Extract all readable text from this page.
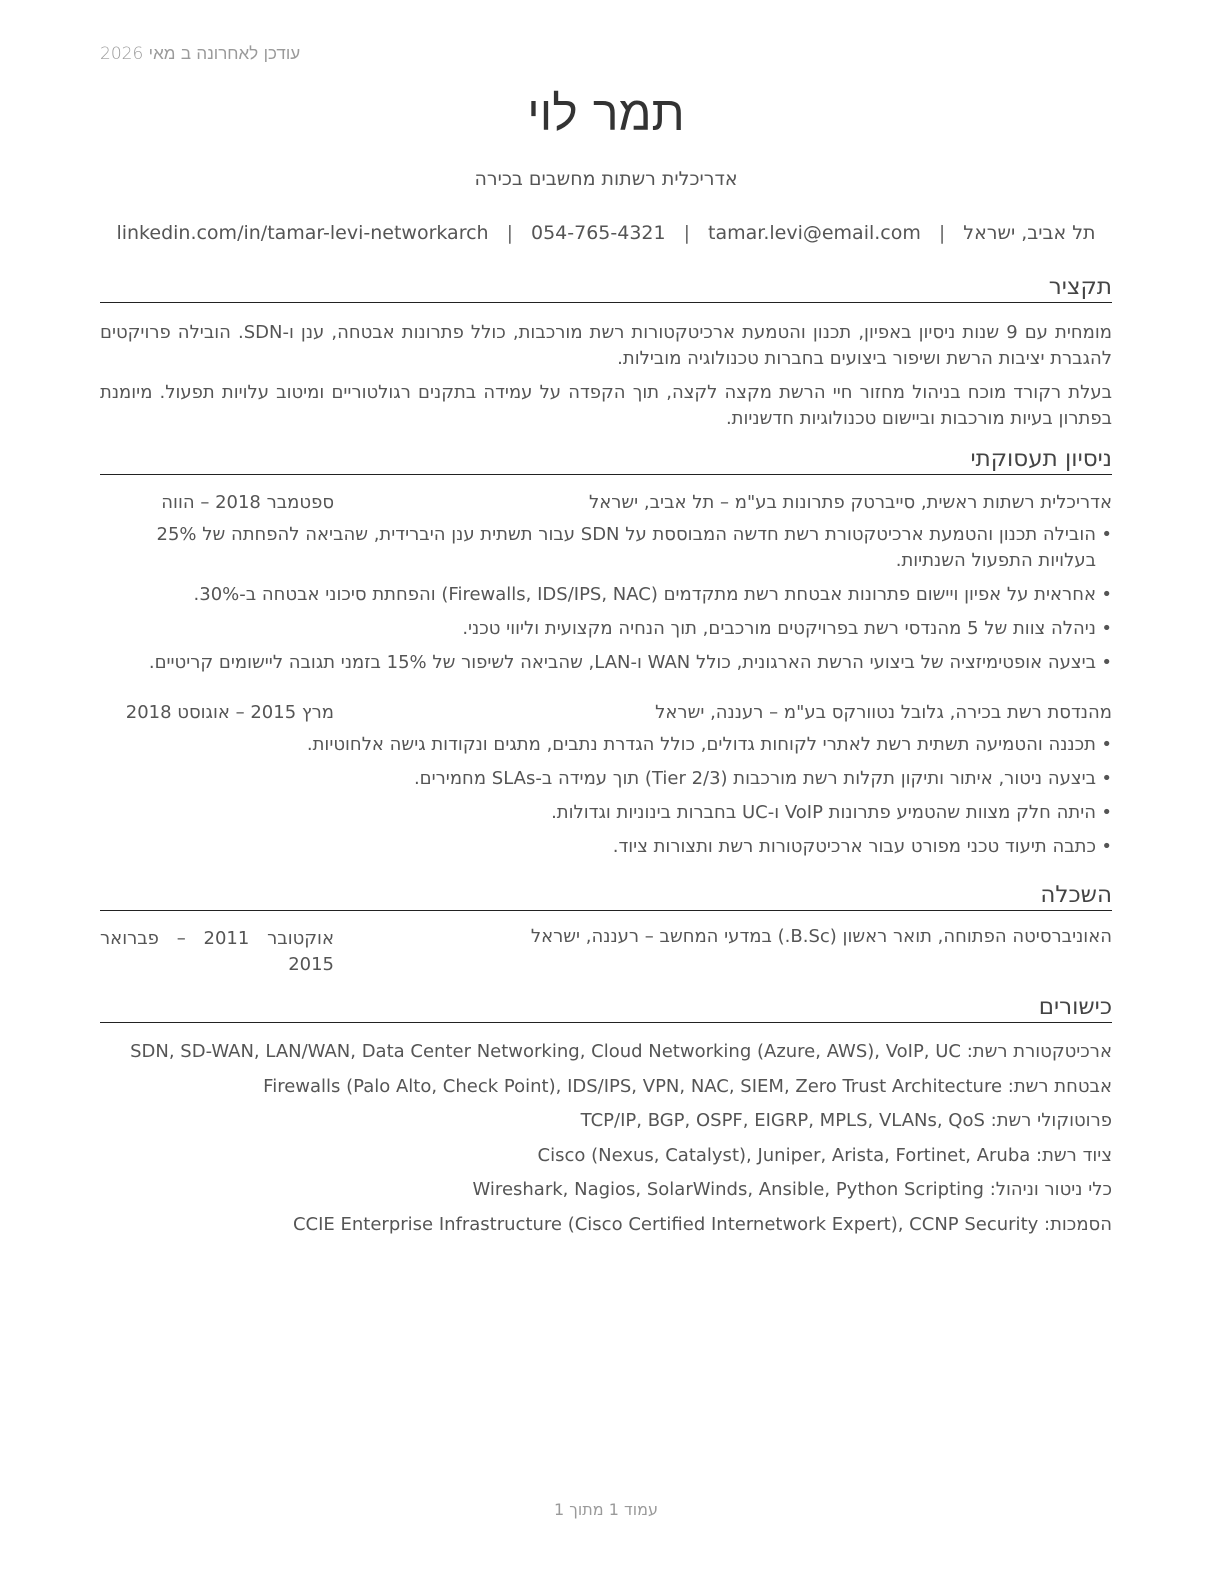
עודכן לאחרונה ב מאי 2026
תמר לוי
אדריכלית רשתות מחשבים בכירה
תל אביב, ישראל
|
tamar.levi@email.com
|
054-765-4321
|
linkedin.com/in/tamar-levi-networkarch
תקציר
מומחית עם 9 שנות ניסיון באפיון, תכנון והטמעת ארכיטקטורות רשת מורכבות, כולל פתרונות אבטחה, ענן ו-SDN. הובילה פרויקטים להגברת יציבות הרשת ושיפור ביצועים בחברות טכנולוגיה מובילות.
בעלת רקורד מוכח בניהול מחזור חיי הרשת מקצה לקצה, תוך הקפדה על עמידה בתקנים רגולטוריים ומיטוב עלויות תפעול. מיומנת בפתרון בעיות מורכבות וביישום טכנולוגיות חדשניות.
ניסיון תעסוקתי
אדריכלית רשתות ראשית, סייברטק פתרונות בע"מ – תל אביב, ישראל
ספטמבר 2018 – הווה
• הובילה תכנון והטמעת ארכיטקטורת רשת חדשה המבוססת על SDN עבור תשתית ענן היברידית, שהביאה להפחתה של 25% בעלויות התפעול השנתיות.
• אחראית על אפיון ויישום פתרונות אבטחת רשת מתקדמים (Firewalls, IDS/IPS, NAC) והפחתת סיכוני אבטחה ב-30%.
• ניהלה צוות של 5 מהנדסי רשת בפרויקטים מורכבים, תוך הנחיה מקצועית וליווי טכני.
• ביצעה אופטימיזציה של ביצועי הרשת הארגונית, כולל WAN ו-LAN, שהביאה לשיפור של 15% בזמני תגובה ליישומים קריטיים.
מהנדסת רשת בכירה, גלובל נטוורקס בע"מ – רעננה, ישראל
מרץ 2015 – אוגוסט 2018
• תכננה והטמיעה תשתית רשת לאתרי לקוחות גדולים, כולל הגדרת נתבים, מתגים ונקודות גישה אלחוטיות.
• ביצעה ניטור, איתור ותיקון תקלות רשת מורכבות (Tier 2/3) תוך עמידה ב-SLAs מחמירים.
• היתה חלק מצוות שהטמיע פתרונות VoIP ו-UC בחברות בינוניות וגדולות.
• כתבה תיעוד טכני מפורט עבור ארכיטקטורות רשת ותצורות ציוד.
השכלה
האוניברסיטה הפתוחה, תואר ראשון (B.Sc.) במדעי המחשב – רעננה, ישראל
אוקטובר 2011 – פברואר 2015
כישורים
ארכיטקטורת רשת: SDN, SD-WAN, LAN/WAN, Data Center Networking, Cloud Networking (Azure, AWS), VoIP, UC
אבטחת רשת: Firewalls (Palo Alto, Check Point), IDS/IPS, VPN, NAC, SIEM, Zero Trust Architecture
פרוטוקולי רשת: TCP/IP, BGP, OSPF, EIGRP, MPLS, VLANs, QoS
ציוד רשת: Cisco (Nexus, Catalyst), Juniper, Arista, Fortinet, Aruba
כלי ניטור וניהול: Wireshark, Nagios, SolarWinds, Ansible, Python Scripting
הסמכות: CCIE Enterprise Infrastructure (Cisco Certified Internetwork Expert), CCNP Security
עמוד 1 מתוך 1
